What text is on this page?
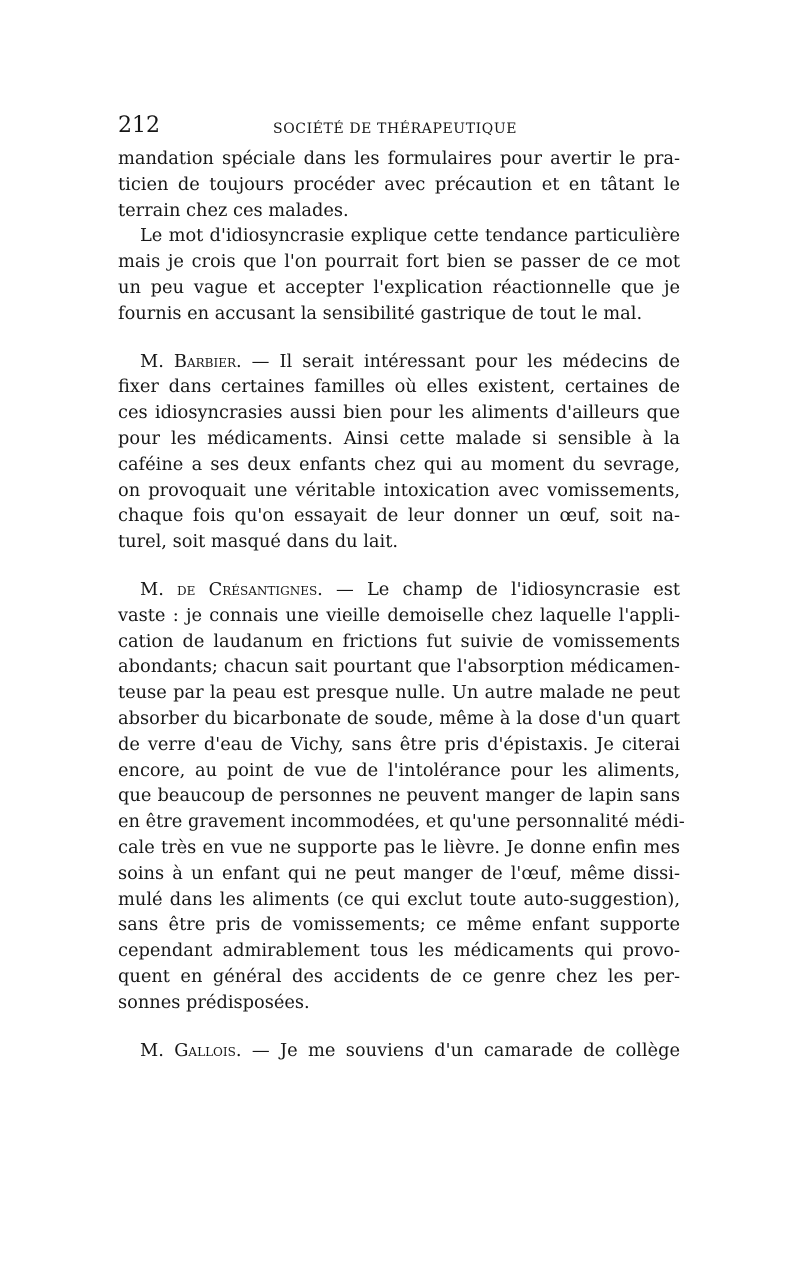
212	SOCIÉTÉ DE THÉRAPEUTIQUE

mandation spéciale dans les formulaires pour avertir le pra-
ticien de toujours procéder avec précaution et en tâtant le
terrain chez ces malades.

Le mot d'idiosyncrasie explique cette tendance particulière
mais je crois que l'on pourrait fort bien se passer de ce mot
un peu vague et accepter l'explication réactionnelle que je
fournis en accusant la sensibilité gastrique de tout le mal.

M. Barbier. — Il serait intéressant pour les médecins de
fixer dans certaines familles où elles existent, certaines de
ces idiosyncrasies aussi bien pour les aliments d'ailleurs que
pour les médicaments. Ainsi cette malade si sensible à la
caféine a ses deux enfants chez qui au moment du sevrage,
on provoquait une véritable intoxication avec vomissements,
chaque fois qu'on essayait de leur donner un œuf, soit na-
turel, soit masqué dans du lait.

M. de Crésantignes. — Le champ de l'idiosyncrasie est
vaste : je connais une vieille demoiselle chez laquelle l'appli-
cation de laudanum en frictions fut suivie de vomissements
abondants; chacun sait pourtant que l'absorption médicamen-
teuse par la peau est presque nulle. Un autre malade ne peut
absorber du bicarbonate de soude, même à la dose d'un quart
de verre d'eau de Vichy, sans être pris d'épistaxis. Je citerai
encore, au point de vue de l'intolérance pour les aliments,
que beaucoup de personnes ne peuvent manger de lapin sans
en être gravement incommodées, et qu'une personnalité médi-
cale très en vue ne supporte pas le lièvre. Je donne enfin mes
soins à un enfant qui ne peut manger de l'œuf, même dissi-
mulé dans les aliments (ce qui exclut toute auto-suggestion),
sans être pris de vomissements; ce même enfant supporte
cependant admirablement tous les médicaments qui provo-
quent en général des accidents de ce genre chez les per-
sonnes prédisposées.

M. Gallois. — Je me souviens d'un camarade de collège
